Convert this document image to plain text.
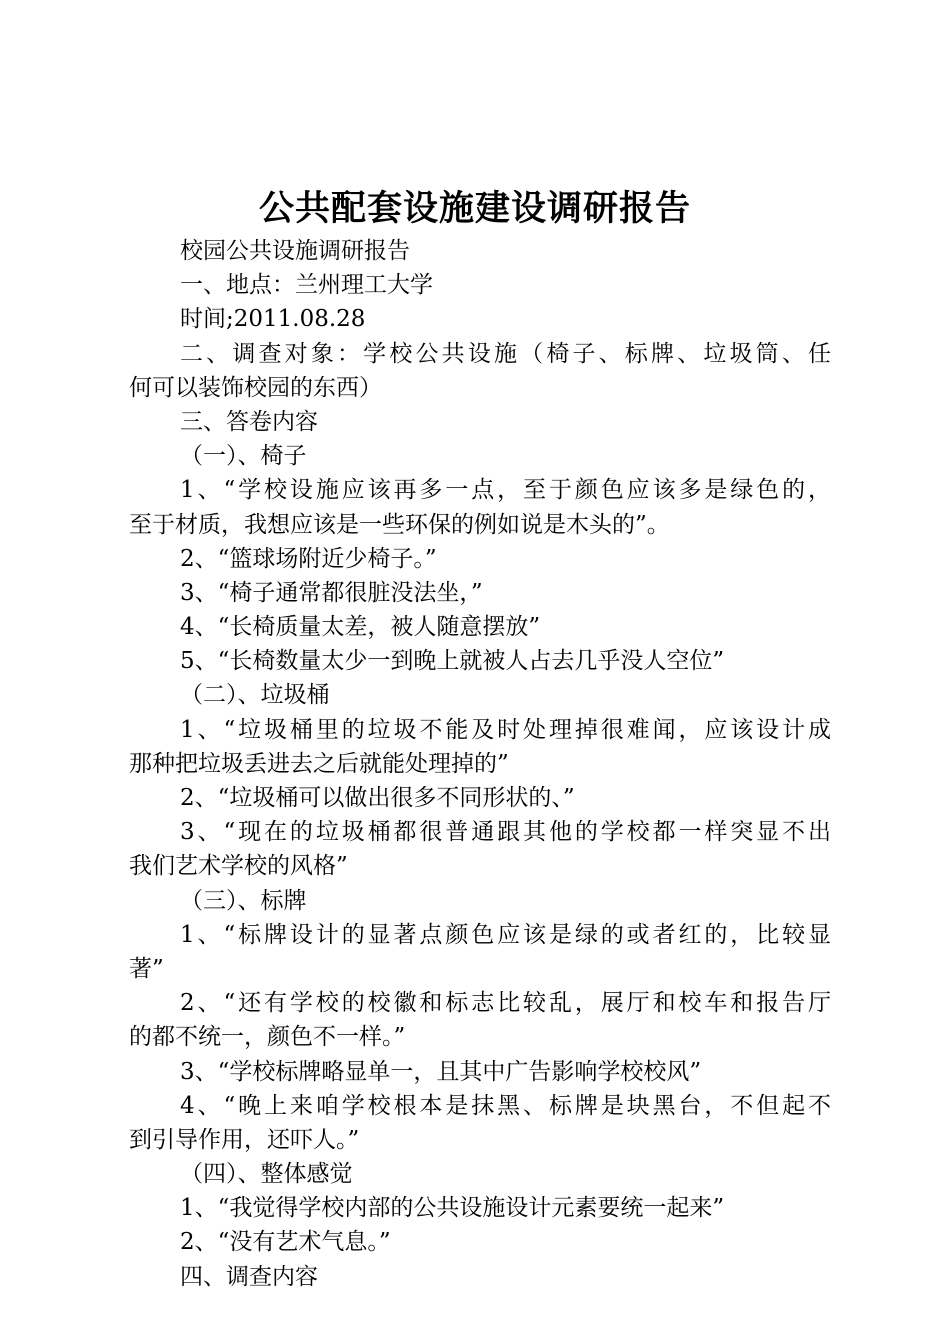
公共配套设施建设调研报告
校园公共设施调研报告
一、地点：兰州理工大学
时间;2011.08.28
二、调查对象：学校公共设施（椅子、标牌、垃圾筒、任
何可以装饰校园的东西）
三、答卷内容
（一）、椅子
1、“学校设施应该再多一点，至于颜色应该多是绿色的，
至于材质，我想应该是一些环保的例如说是木头的”。
2、“篮球场附近少椅子。”
3、“椅子通常都很脏没法坐，”
4、“长椅质量太差，被人随意摆放”
5、“长椅数量太少一到晚上就被人占去几乎没人空位”
（二）、垃圾桶
1、“垃圾桶里的垃圾不能及时处理掉很难闻，应该设计成
那种把垃圾丢进去之后就能处理掉的”
2、“垃圾桶可以做出很多不同形状的、”
3、“现在的垃圾桶都很普通跟其他的学校都一样突显不出
我们艺术学校的风格”
（三）、标牌
1、“标牌设计的显著点颜色应该是绿的或者红的，比较显
著”
2、“还有学校的校徽和标志比较乱，展厅和校车和报告厅
的都不统一，颜色不一样。”
3、“学校标牌略显单一，且其中广告影响学校校风”
4、“晚上来咱学校根本是抹黑、标牌是块黑台，不但起不
到引导作用，还吓人。”
（四）、整体感觉
1、“我觉得学校内部的公共设施设计元素要统一起来”
2、“没有艺术气息。”
四、调查内容
